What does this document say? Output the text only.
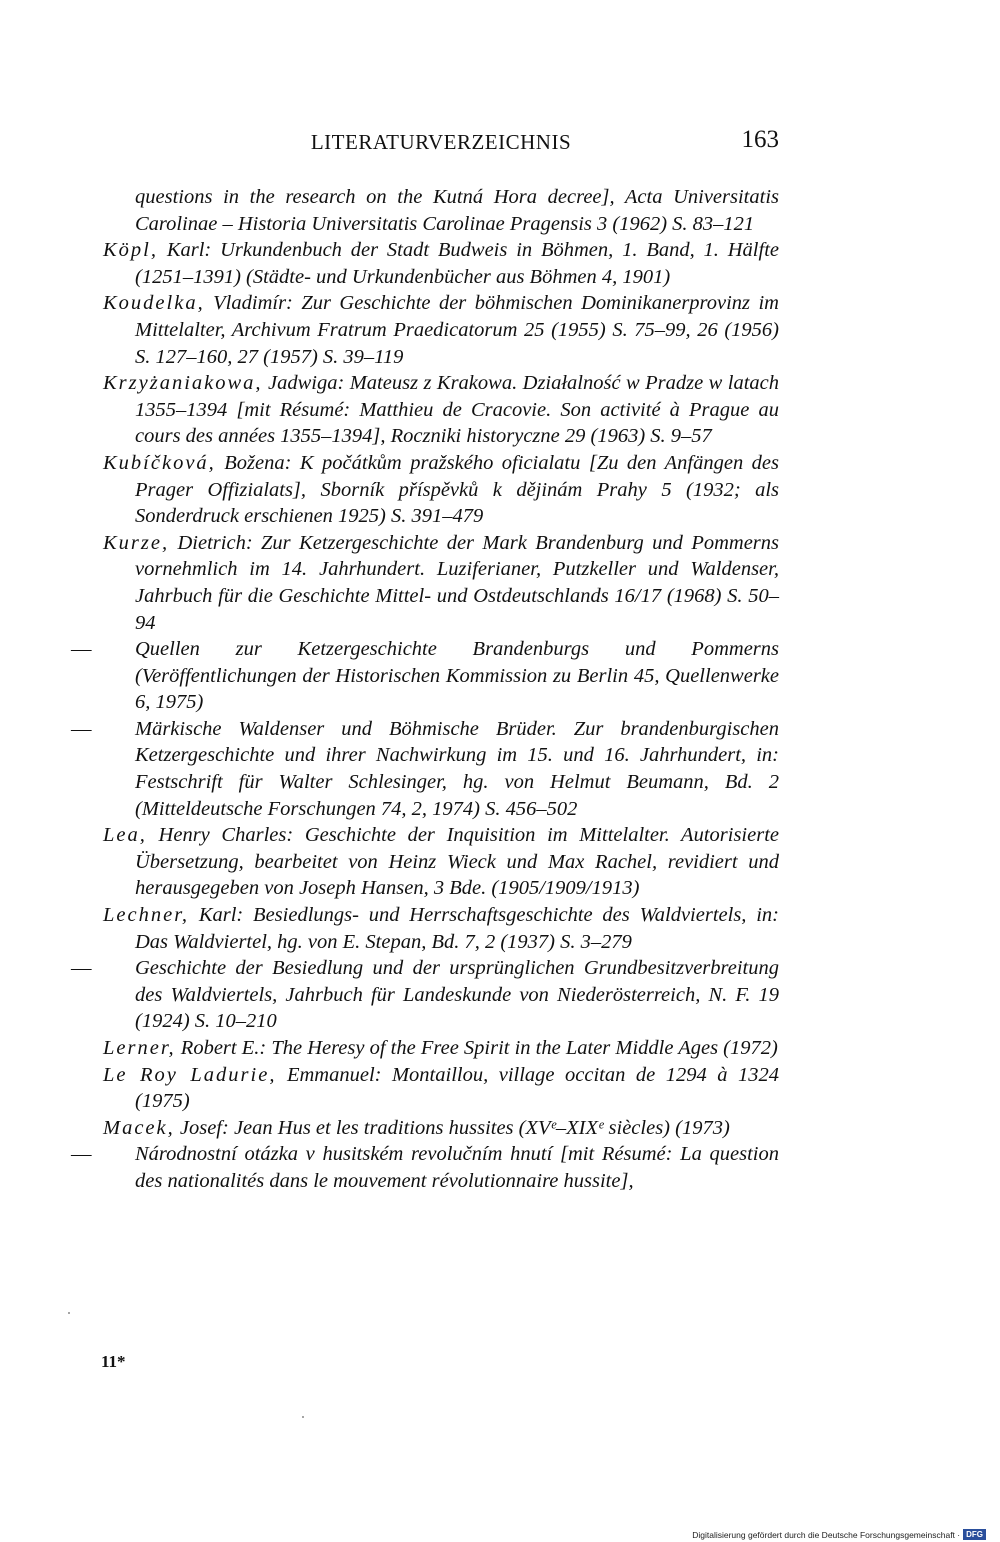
LITERATURVERZEICHNIS	163
questions in the research on the Kutná Hora decree], Acta Universitatis Carolinae – Historia Universitatis Carolinae Pragensis 3 (1962) S. 83–121
Köpl, Karl: Urkundenbuch der Stadt Budweis in Böhmen, 1. Band, 1. Hälfte (1251–1391) (Städte- und Urkundenbücher aus Böhmen 4, 1901)
Koudelka, Vladimír: Zur Geschichte der böhmischen Dominikanerprovinz im Mittelalter, Archivum Fratrum Praedicatorum 25 (1955) S. 75–99, 26 (1956) S. 127–160, 27 (1957) S. 39–119
Krzyżaniakowa, Jadwiga: Mateusz z Krakowa. Działalność w Pradze w latach 1355–1394 [mit Résumé: Matthieu de Cracovie. Son activité à Prague au cours des années 1355–1394], Roczniki historyczne 29 (1963) S. 9–57
Kubíčková, Božena: K počátkům pražského oficialatu [Zu den Anfängen des Prager Offizialats], Sborník příspěvků k dějinám Prahy 5 (1932; als Sonderdruck erschienen 1925) S. 391–479
Kurze, Dietrich: Zur Ketzergeschichte der Mark Brandenburg und Pommerns vornehmlich im 14. Jahrhundert. Luziferianer, Putzkeller und Waldenser, Jahrbuch für die Geschichte Mittel- und Ostdeutschlands 16/17 (1968) S. 50–94
— Quellen zur Ketzergeschichte Brandenburgs und Pommerns (Veröffentlichungen der Historischen Kommission zu Berlin 45, Quellenwerke 6, 1975)
— Märkische Waldenser und Böhmische Brüder. Zur brandenburgischen Ketzergeschichte und ihrer Nachwirkung im 15. und 16. Jahrhundert, in: Festschrift für Walter Schlesinger, hg. von Helmut Beumann, Bd. 2 (Mitteldeutsche Forschungen 74, 2, 1974) S. 456–502
Lea, Henry Charles: Geschichte der Inquisition im Mittelalter. Autorisierte Übersetzung, bearbeitet von Heinz Wieck und Max Rachel, revidiert und herausgegeben von Joseph Hansen, 3 Bde. (1905/1909/1913)
Lechner, Karl: Besiedlungs- und Herrschaftsgeschichte des Waldviertels, in: Das Waldviertel, hg. von E. Stepan, Bd. 7, 2 (1937) S. 3–279
— Geschichte der Besiedlung und der ursprünglichen Grundbesitzverbreitung des Waldviertels, Jahrbuch für Landeskunde von Niederösterreich, N. F. 19 (1924) S. 10–210
Lerner, Robert E.: The Heresy of the Free Spirit in the Later Middle Ages (1972)
Le Roy Ladurie, Emmanuel: Montaillou, village occitan de 1294 à 1324 (1975)
Macek, Josef: Jean Hus et les traditions hussites (XVᵉ–XIXᵉ siècles) (1973)
— Národnostní otázka v husitském revolučním hnutí [mit Résumé: La question des nationalités dans le mouvement révolutionnaire hussite],
11*
Digitalisierung gefördert durch die Deutsche Forschungsgemeinschaft · DFG
